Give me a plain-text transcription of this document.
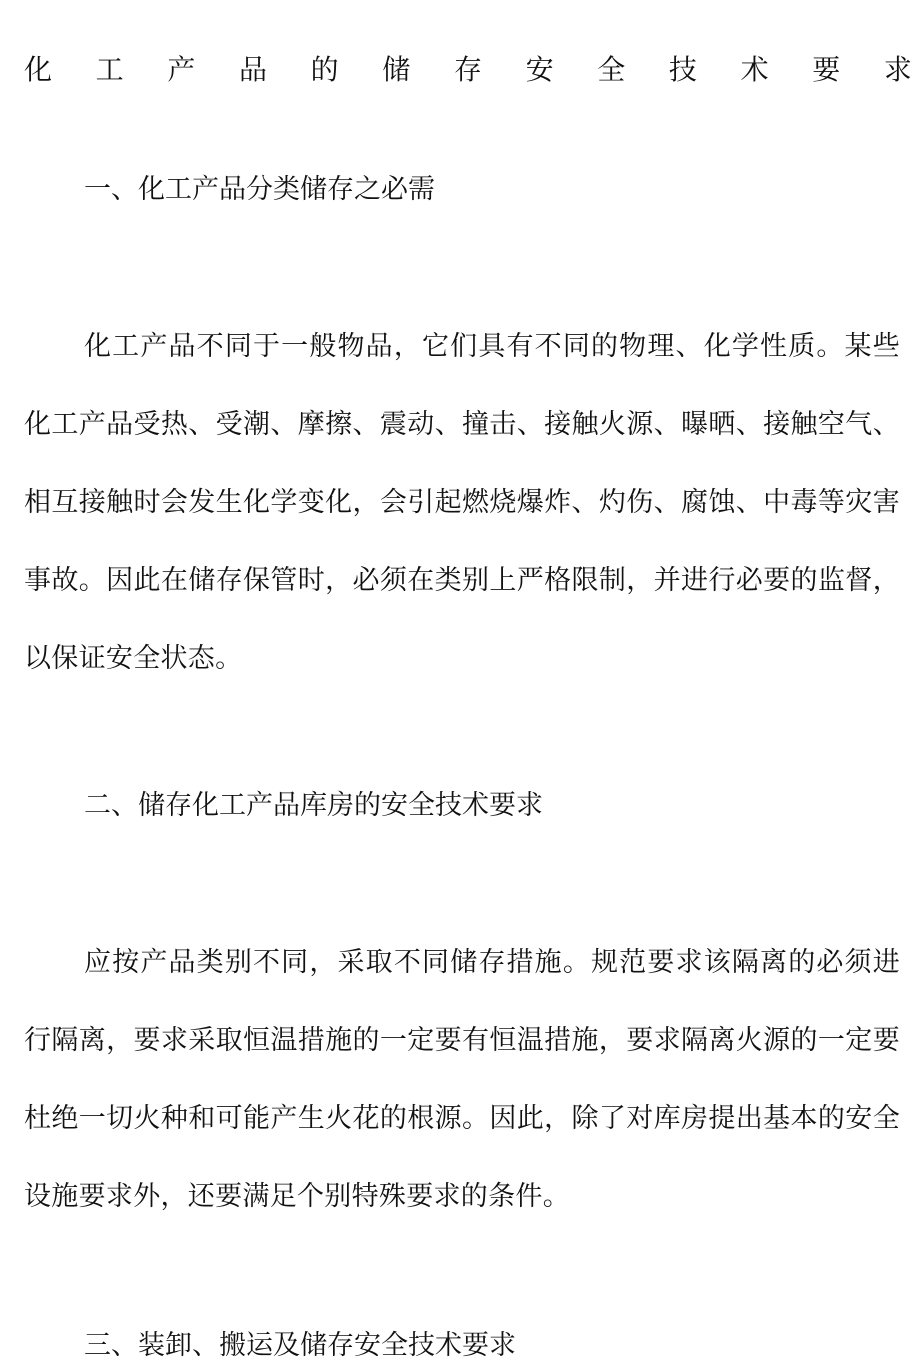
化 工 产 品 的 储 存 安 全 技 术 要 求
一、化工产品分类储存之必需

化工产品不同于一般物品，它们具有不同的物理、化学性质。某些化工产品受热、受潮、摩擦、震动、撞击、接触火源、曝晒、接触空气、相互接触时会发生化学变化，会引起燃烧爆炸、灼伤、腐蚀、中毒等灾害事故。因此在储存保管时，必须在类别上严格限制，并进行必要的监督，以保证安全状态。

二、储存化工产品库房的安全技术要求

应按产品类别不同，采取不同储存措施。规范要求该隔离的必须进行隔离，要求采取恒温措施的一定要有恒温措施，要求隔离火源的一定要杜绝一切火种和可能产生火花的根源。因此，除了对库房提出基本的安全设施要求外，还要满足个别特殊要求的条件。

三、装卸、搬运及储存安全技术要求
